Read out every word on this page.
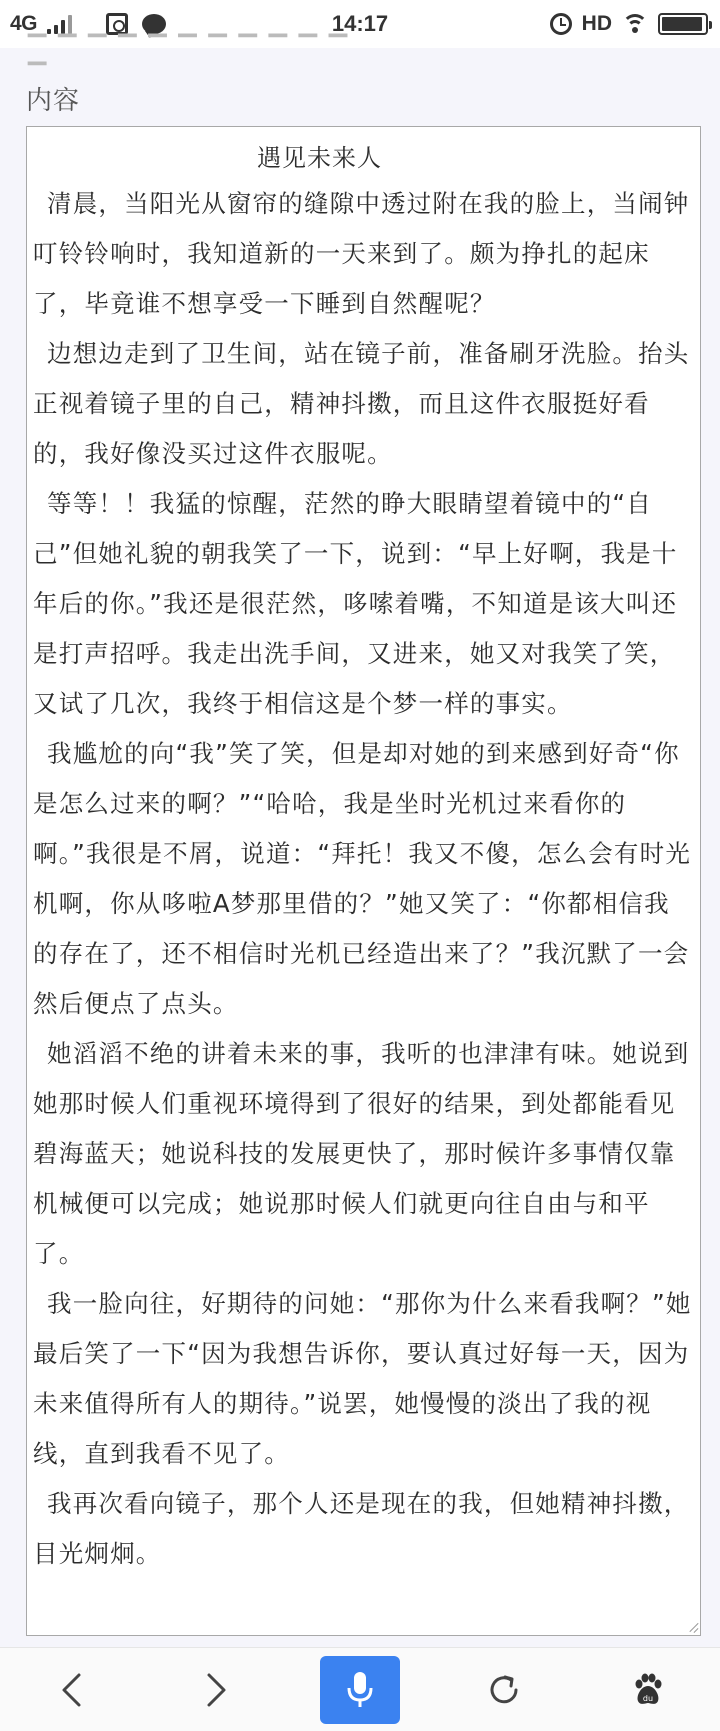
4G	14:17	HD
▔ ▔ ▔ ▔ ▔ ▔ ▔ ▔ ▔ ▔ ▔ ▔
内容
遇见未来人

清晨，当阳光从窗帘的缝隙中透过附在我的脸上，当闹钟叮铃铃响时，我知道新的一天来到了。颇为挣扎的起床了，毕竟谁不想享受一下睡到自然醒呢？

边想边走到了卫生间，站在镜子前，准备刷牙洗脸。抬头正视着镜子里的自己，精神抖擞，而且这件衣服挺好看的，我好像没买过这件衣服呢。

等等！！我猛的惊醒，茫然的睁大眼睛望着镜中的“自己”但她礼貌的朝我笑了一下，说到：“早上好啊，我是十年后的你。”我还是很茫然，哆嗦着嘴，不知道是该大叫还是打声招呼。我走出洗手间，又进来，她又对我笑了笑，又试了几次，我终于相信这是个梦一样的事实。

我尴尬的向“我”笑了笑，但是却对她的到来感到好奇“你是怎么过来的啊？”“哈哈，我是坐时光机过来看你的啊。”我很是不屑，说道：“拜托！我又不傻，怎么会有时光机啊，你从哆啦A梦那里借的？”她又笑了：“你都相信我的存在了，还不相信时光机已经造出来了？”我沉默了一会然后便点了点头。

她滔滔不绝的讲着未来的事，我听的也津津有味。她说到她那时候人们重视环境得到了很好的结果，到处都能看见碧海蓝天；她说科技的发展更快了，那时候许多事情仅靠机械便可以完成；她说那时候人们就更向往自由与和平了。

我一脸向往，好期待的问她：“那你为什么来看我啊？”她最后笑了一下“因为我想告诉你，要认真过好每一天，因为未来值得所有人的期待。”说罢，她慢慢的淡出了我的视线，直到我看不见了。

我再次看向镜子，那个人还是现在的我，但她精神抖擞，目光炯炯。

du
